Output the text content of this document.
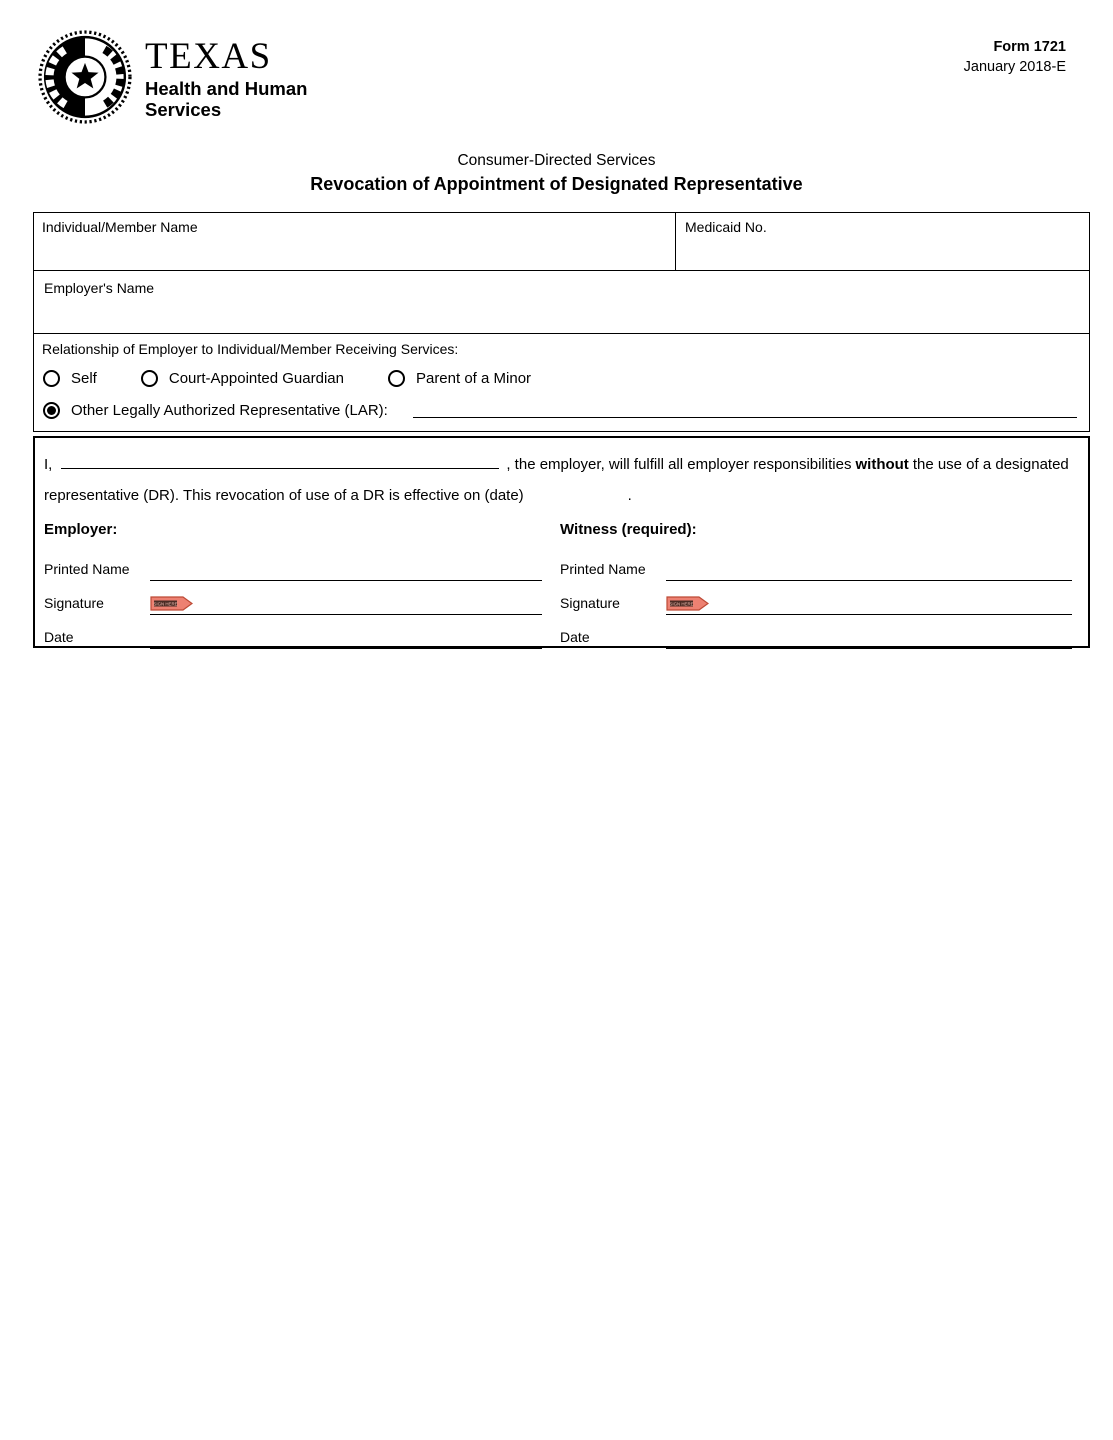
TEXAS
Health and Human
Services
Form 1721
January 2018-E
Consumer-Directed Services
Revocation of Appointment of Designated Representative
Individual/Member Name	Medicaid No.
Employer's Name
Relationship of Employer to Individual/Member Receiving Services:
Self	Court-Appointed Guardian	Parent of a Minor
Other Legally Authorized Representative (LAR):

I,	, the employer, will fulfill all employer responsibilities without the use of a designated representative (DR). This revocation of use of a DR is effective on (date)	.

Employer:
Printed Name
Signature	SIGN HERE
Date
Witness (required):
Printed Name
Signature	SIGN HERE
Date
